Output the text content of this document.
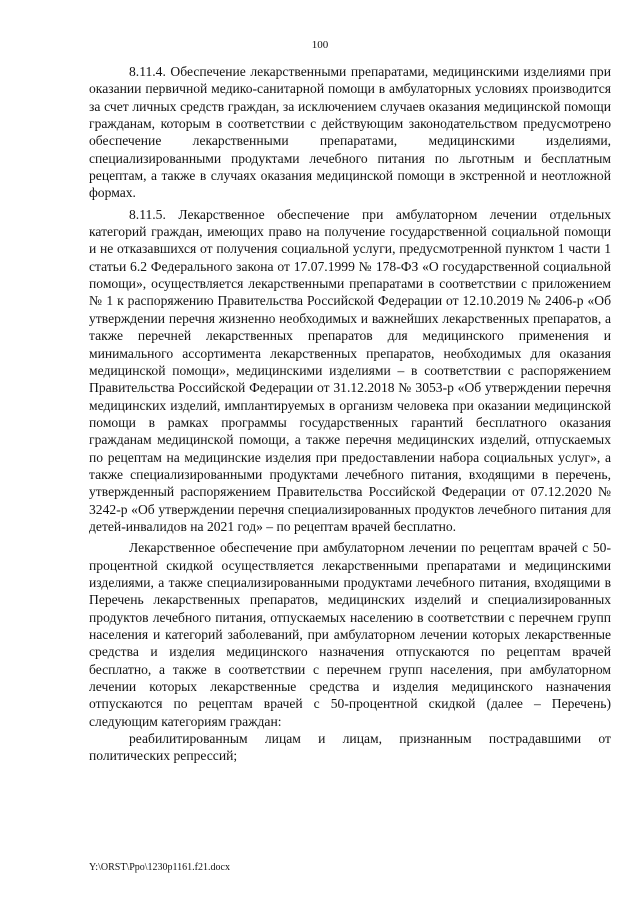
100

8.11.4. Обеспечение лекарственными препаратами, медицинскими изделиями при оказании первичной медико-санитарной помощи в амбулаторных условиях производится за счет личных средств граждан, за исключением случаев оказания медицинской помощи гражданам, которым в соответствии с действующим законодательством предусмотрено обеспечение лекарственными препаратами, медицинскими изделиями, специализированными продуктами лечебного питания по льготным и бесплатным рецептам, а также в случаях оказания медицинской помощи в экстренной и неотложной формах.

8.11.5. Лекарственное обеспечение при амбулаторном лечении отдельных категорий граждан, имеющих право на получение государственной социальной помощи и не отказавшихся от получения социальной услуги, предусмотренной пунктом 1 части 1 статьи 6.2 Федерального закона от 17.07.1999 № 178-ФЗ «О государственной социальной помощи», осуществляется лекарственными препаратами в соответствии с приложением № 1 к распоряжению Правительства Российской Федерации от 12.10.2019 № 2406-р «Об утверждении перечня жизненно необходимых и важнейших лекарственных препаратов, а также перечней лекарственных препаратов для медицинского применения и минимального ассортимента лекарственных препаратов, необходимых для оказания медицинской помощи», медицинскими изделиями – в соответствии с распоряжением Правительства Российской Федерации от 31.12.2018 № 3053-р «Об утверждении перечня медицинских изделий, имплантируемых в организм человека при оказании медицинской помощи в рамках программы государственных гарантий бесплатного оказания гражданам медицинской помощи, а также перечня медицинских изделий, отпускаемых по рецептам на медицинские изделия при предоставлении набора социальных услуг», а также специализированными продуктами лечебного питания, входящими в перечень, утвержденный распоряжением Правительства Российской Федерации от 07.12.2020 № 3242-р «Об утверждении перечня специализированных продуктов лечебного питания для детей-инвалидов на 2021 год» – по рецептам врачей бесплатно.

Лекарственное обеспечение при амбулаторном лечении по рецептам врачей с 50-процентной скидкой осуществляется лекарственными препаратами и медицинскими изделиями, а также специализированными продуктами лечебного питания, входящими в Перечень лекарственных препаратов, медицинских изделий и специализированных продуктов лечебного питания, отпускаемых населению в соответствии с перечнем групп населения и категорий заболеваний, при амбулаторном лечении которых лекарственные средства и изделия медицинского назначения отпускаются по рецептам врачей бесплатно, а также в соответствии с перечнем групп населения, при амбулаторном лечении которых лекарственные средства и изделия медицинского назначения отпускаются по рецептам врачей с 50-процентной скидкой (далее – Перечень) следующим категориям граждан:

реабилитированным лицам и лицам, признанным пострадавшими от политических репрессий;

Y:\ORST\Ppo\1230p1161.f21.docx
